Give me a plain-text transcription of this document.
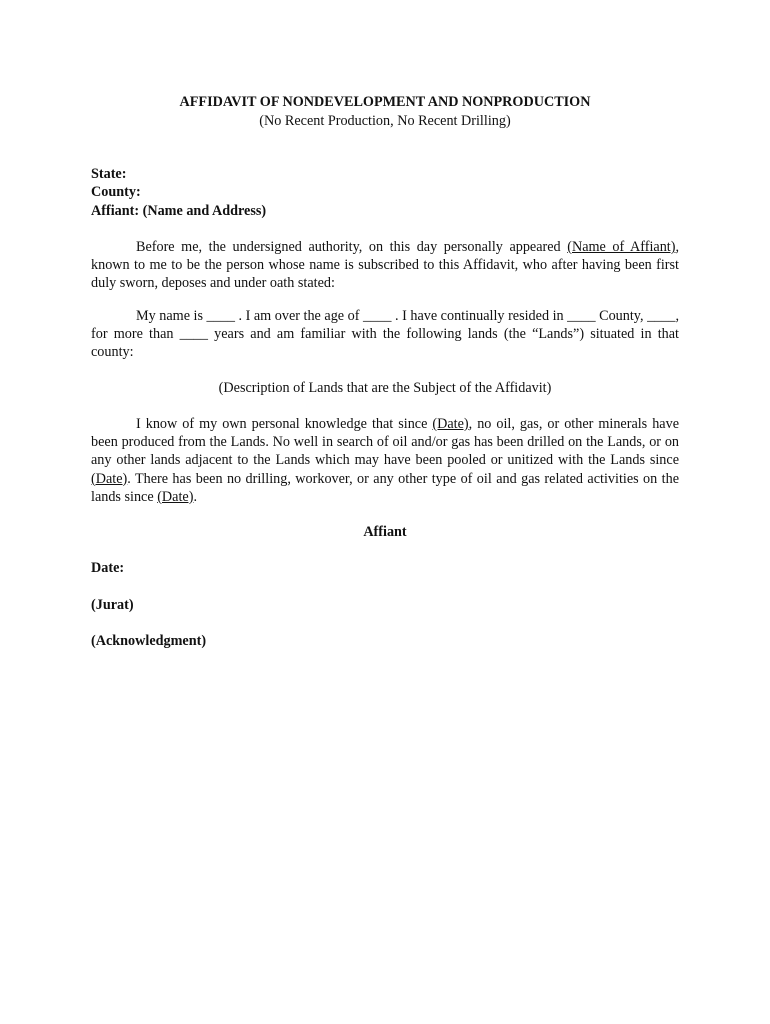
AFFIDAVIT OF NONDEVELOPMENT AND NONPRODUCTION

(No Recent Production, No Recent Drilling)

State:

County:

Affiant: (Name and Address)

Before me, the undersigned authority, on this day personally appeared (Name of Affiant), known to me to be the person whose name is subscribed to this Affidavit, who after having been first duly sworn, deposes and under oath stated:

My name is ____ . I am over the age of ____ . I have continually resided in ____ County, ____, for more than ____ years and am familiar with the following lands (the “Lands”) situated in that county:

(Description of Lands that are the Subject of the Affidavit)

I know of my own personal knowledge that since (Date), no oil, gas, or other minerals have been produced from the Lands. No well in search of oil and/or gas has been drilled on the Lands, or on any other lands adjacent to the Lands which may have been pooled or unitized with the Lands since (Date). There has been no drilling, workover, or any other type of oil and gas related activities on the lands since (Date).

Affiant

Date:

(Jurat)

(Acknowledgment)
